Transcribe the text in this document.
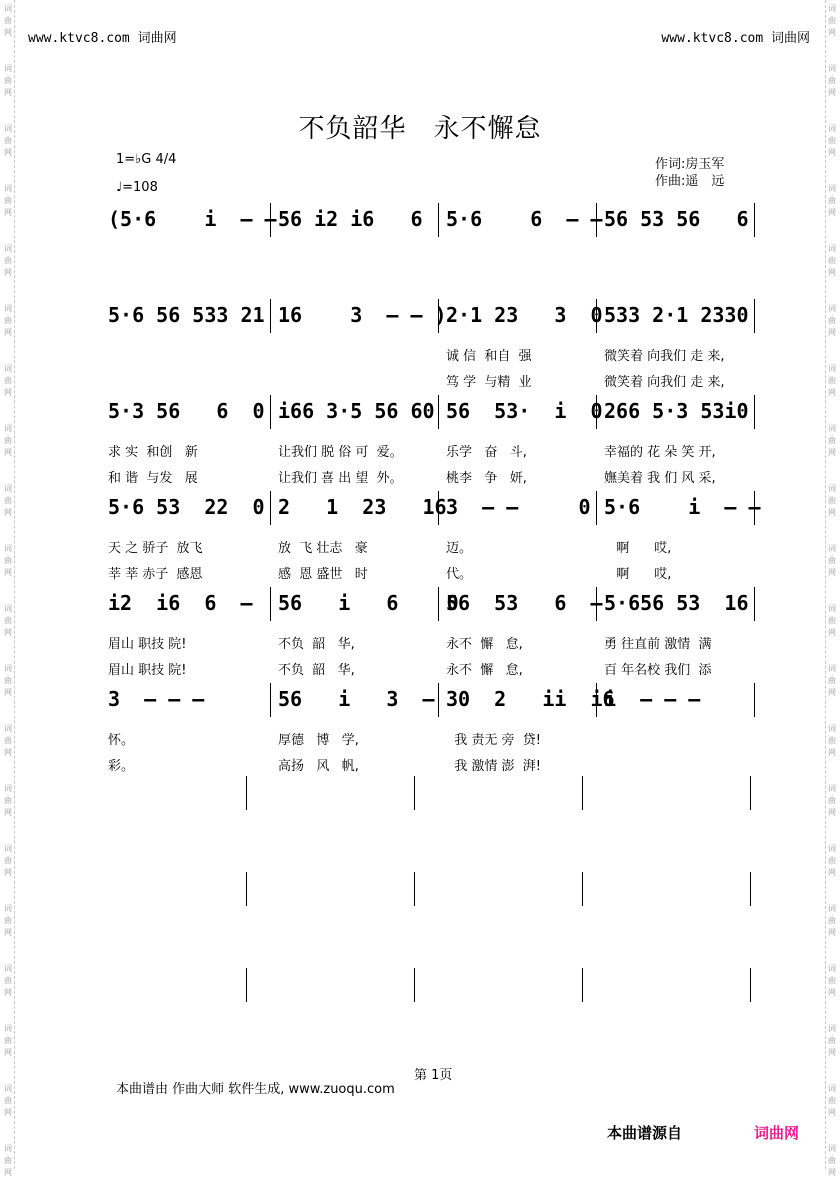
词
曲
网
词
曲
网
词
曲
网
词
曲
网
词
曲
网
词
曲
网
词
曲
网
词
曲
网
词
曲
网
词
曲
网
词
曲
网
词
曲
网
词
曲
网
词
曲
网
词
曲
网
词
曲
网
词
曲
网
词
曲
网
词
曲
网
词
曲
网
词
曲
网
词
曲
网
词
曲
网
词
曲
网
词
曲
网
词
曲
网
词
曲
网
词
曲
网
词
曲
网
词
曲
网
词
曲
网
词
曲
网
词
曲
网
词
曲
网
词
曲
网
词
曲
网
词
曲
网
词
曲
网
词
曲
网
词
曲
网
www.ktvc8.com 词曲网	www.ktvc8.com 词曲网
不负韶华　永不懈怠
1=♭G 4/4
♩=108
作词:房玉军
作曲:遥　远
(5·6    i  — — 56 i2 i6   6 5·6    6  — — 56 53 56   6
5·6 56 533 21 16    3  — — ) 2·1 23   3  0
诚 信  和自  强
笃 学  与精  业
533 2·1 2330
微笑着 向我们 走 来,
微笑着 向我们 走 来,
5·3 56   6  0
求 实  和创   新
和 谐  与发   展
i66 3·5 56 60
让我们 脱 俗 可  爱。
让我们 喜 出 望  外。
56  53·  i  0
乐学   奋   斗,
桃李   争   妍,
266 5·3 53i0
幸福的 花 朵 笑 开,
嫵美着 我 们 风 采,
5·6 53  22  0
天 之 骄子  放飞
莘 莘 赤子  感恩
2   1  23   16
放  飞 壮志   豪
感  恩 盛世   时
3  — —     0
迈。
代。
5·6    i  — —
啊      哎,
啊      哎,
i2  i6  6  —
眉山 职技 院!
眉山 职技 院!
56   i   6    0
不负  韶   华,
不负  韶   华,
56  53   6  —
永不  懈   怠,
永不  懈   怠,
5·656 53  16
勇 往直前 激情  满
百 年名校 我们  添
3  — — —
怀。
彩。
56   i   3  —
厚德   博   学,
高扬   风   帆,
30  2   ii  i6
我 责无 旁  贷!
我 激情 澎  湃!
i  — — —
第 1页
本曲谱由 作曲大师 软件生成, www.zuoqu.com
本曲谱源自	词曲网
